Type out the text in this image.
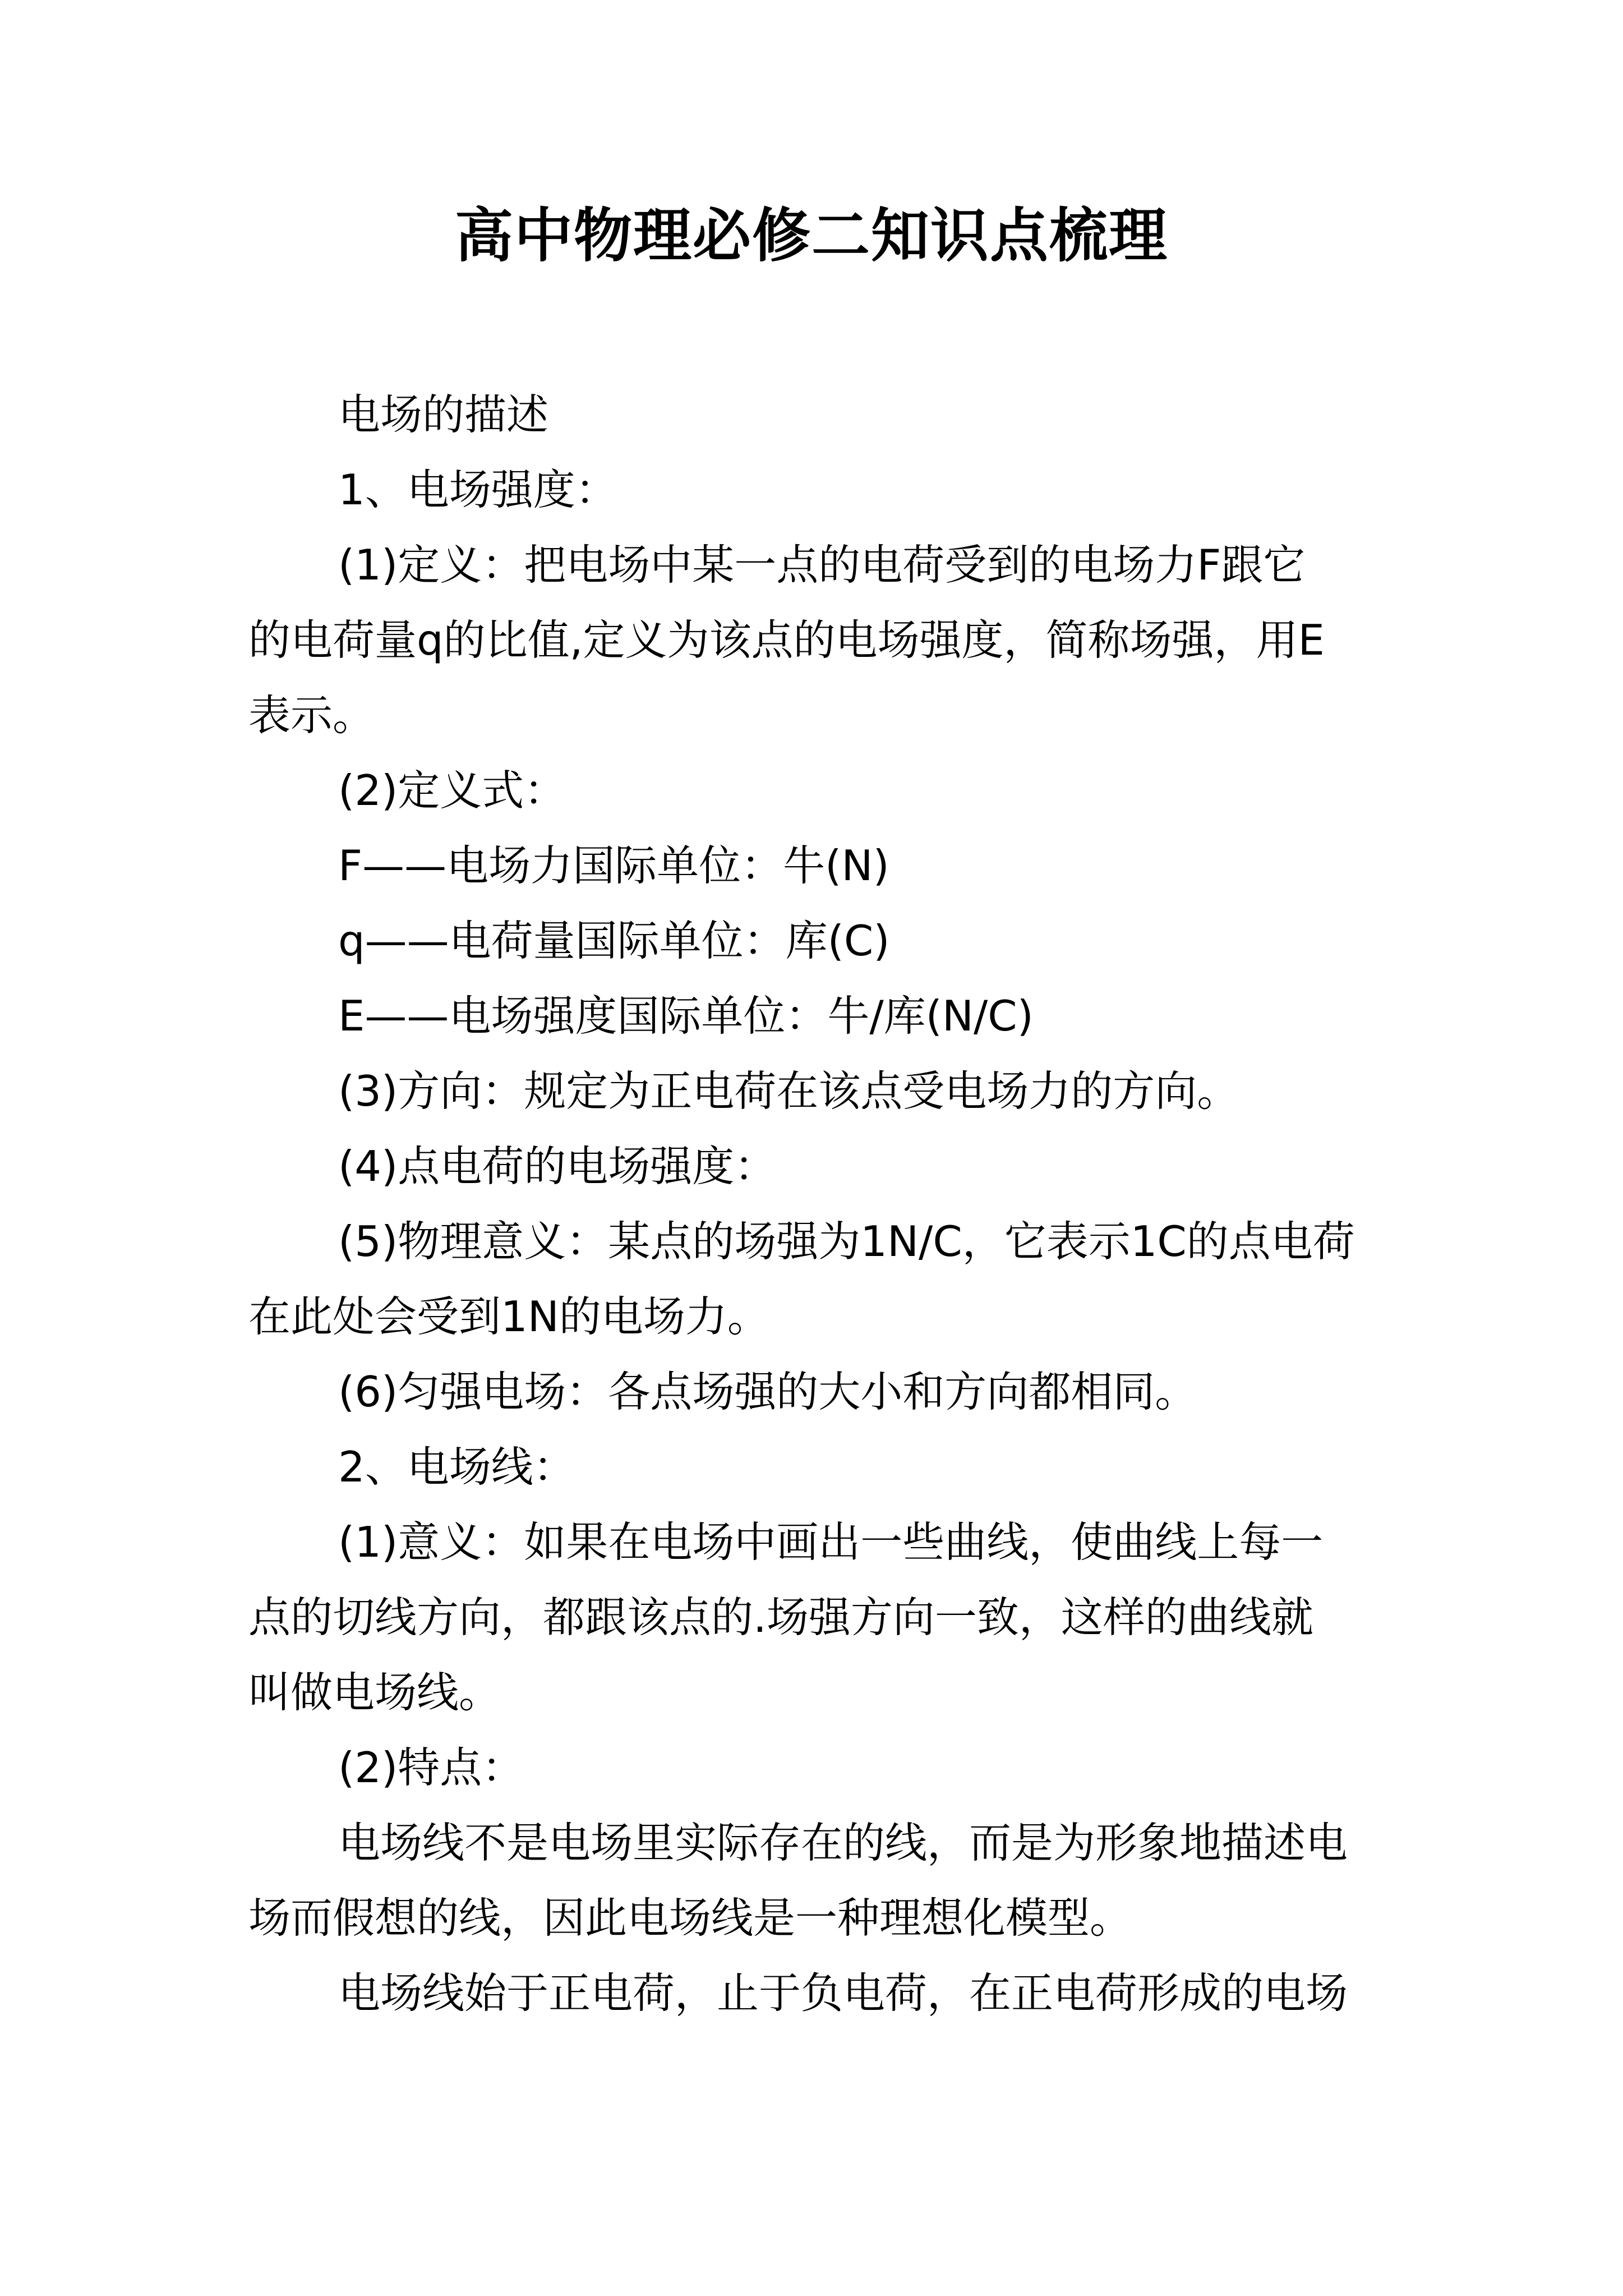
高中物理必修二知识点梳理
电场的描述
1、电场强度：
(1)定义：把电场中某一点的电荷受到的电场力F跟它
的电荷量q的比值,定义为该点的电场强度，简称场强，用E
表示。
(2)定义式：
F——电场力国际单位：牛(N)
q——电荷量国际单位：库(C)
E——电场强度国际单位：牛/库(N/C)
(3)方向：规定为正电荷在该点受电场力的方向。
(4)点电荷的电场强度：
(5)物理意义：某点的场强为1N/C，它表示1C的点电荷
在此处会受到1N的电场力。
(6)匀强电场：各点场强的大小和方向都相同。
2、电场线：
(1)意义：如果在电场中画出一些曲线，使曲线上每一
点的切线方向，都跟该点的.场强方向一致，这样的曲线就
叫做电场线。
(2)特点：
电场线不是电场里实际存在的线，而是为形象地描述电
场而假想的线，因此电场线是一种理想化模型。
电场线始于正电荷，止于负电荷，在正电荷形成的电场
